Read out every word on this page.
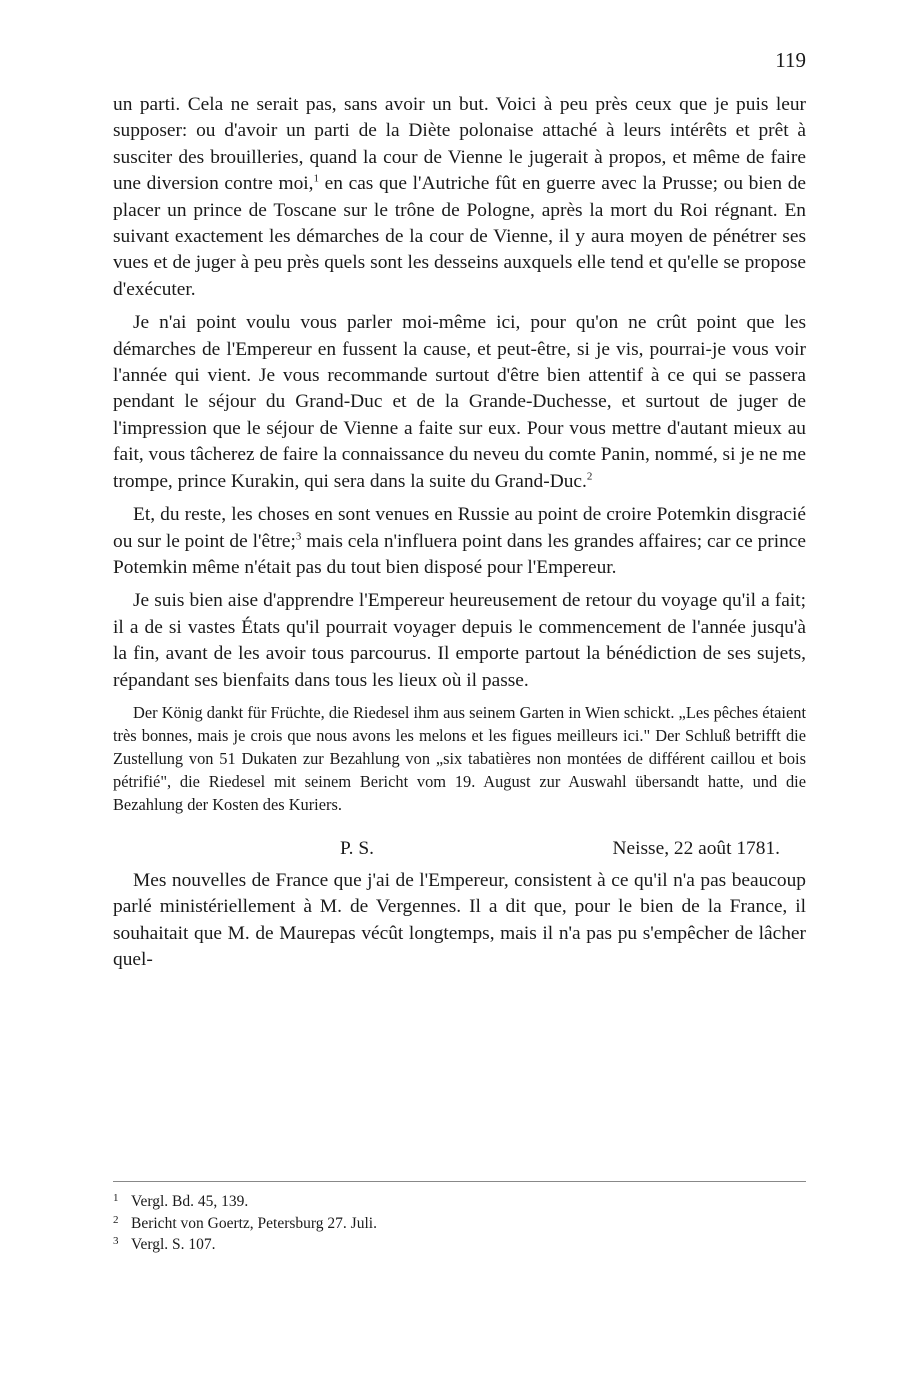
119

un parti. Cela ne serait pas, sans avoir un but. Voici à peu près ceux que je puis leur supposer: ou d'avoir un parti de la Diète polonaise attaché à leurs intérêts et prêt à susciter des brouilleries, quand la cour de Vienne le jugerait à propos, et même de faire une diversion contre moi,$^1$ en cas que l'Autriche fût en guerre avec la Prusse; ou bien de placer un prince de Toscane sur le trône de Pologne, après la mort du Roi régnant. En suivant exactement les démarches de la cour de Vienne, il y aura moyen de pénétrer ses vues et de juger à peu près quels sont les desseins auxquels elle tend et qu'elle se propose d'exécuter.

Je n'ai point voulu vous parler moi-même ici, pour qu'on ne crût point que les démarches de l'Empereur en fussent la cause, et peut-être, si je vis, pourrai-je vous voir l'année qui vient. Je vous recommande surtout d'être bien attentif à ce qui se passera pendant le séjour du Grand-Duc et de la Grande-Duchesse, et surtout de juger de l'impression que le séjour de Vienne a faite sur eux. Pour vous mettre d'autant mieux au fait, vous tâcherez de faire la connaissance du neveu du comte Panin, nommé, si je ne me trompe, prince Kurakin, qui sera dans la suite du Grand-Duc.$^2$

Et, du reste, les choses en sont venues en Russie au point de croire Potemkin disgracié ou sur le point de l'être;$^3$ mais cela n'influera point dans les grandes affaires; car ce prince Potemkin même n'était pas du tout bien disposé pour l'Empereur.

Je suis bien aise d'apprendre l'Empereur heureusement de retour du voyage qu'il a fait; il a de si vastes États qu'il pourrait voyager depuis le commencement de l'année jusqu'à la fin, avant de les avoir tous parcourus. Il emporte partout la bénédiction de ses sujets, répandant ses bienfaits dans tous les lieux où il passe.

Der König dankt für Früchte, die Riedesel ihm aus seinem Garten in Wien schickt. „Les pêches étaient très bonnes, mais je crois que nous avons les melons et les figues meilleurs ici." Der Schluß betrifft die Zustellung von 51 Dukaten zur Bezahlung von „six tabatières non montées de différent caillou et bois pétrifié", die Riedesel mit seinem Bericht vom 19. August zur Auswahl übersandt hatte, und die Bezahlung der Kosten des Kuriers.

P. S.	Neisse, 22 août 1781.

Mes nouvelles de France que j'ai de l'Empereur, consistent à ce qu'il n'a pas beaucoup parlé ministériellement à M. de Vergennes. Il a dit que, pour le bien de la France, il souhaitait que M. de Maurepas vécût longtemps, mais il n'a pas pu s'empêcher de lâcher quel-

1 Vergl. Bd. 45, 139.
2 Bericht von Goertz, Petersburg 27. Juli.
3 Vergl. S. 107.
